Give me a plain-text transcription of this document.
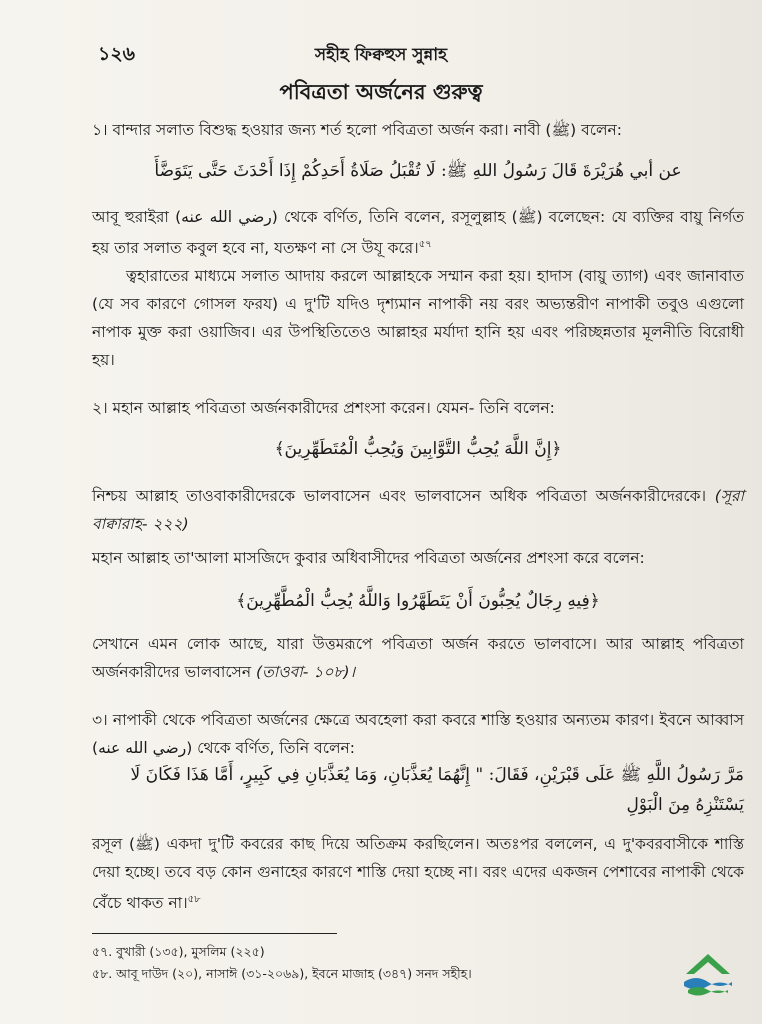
১২৬	সহীহ ফিক্বহুস সুন্নাহ
পবিত্রতা অর্জনের গুরুত্ব

১। বান্দার সলাত বিশুদ্ধ হওয়ার জন্য শর্ত হলো পবিত্রতা অর্জন করা। নাবী (ﷺ) বলেন:

عن أبي هُرَيْرَةَ قَالَ رَسُولُ اللهِ ﷺ: لَا تُقْبَلُ صَلَاةُ أَحَدِكُمْ إِذَا أَحْدَثَ حَتَّى يَتَوَضَّأَ

আবূ হুরাইরা (رضي الله عنه) থেকে বর্ণিত, তিনি বলেন, রসূলুল্লাহ (ﷺ) বলেছেন: যে ব্যক্তির বায়ু নির্গত হয় তার সলাত কবুল হবে না, যতক্ষণ না সে উযূ করে।$^{৫৭}$

ত্বহারাতের মাধ্যমে সলাত আদায় করলে আল্লাহকে সম্মান করা হয়। হাদাস (বায়ু ত্যাগ) এবং জানাবাত (যে সব কারণে গোসল ফরয) এ দু'টি যদিও দৃশ্যমান নাপাকী নয় বরং অভ্যন্তরীণ নাপাকী তবুও এগুলো নাপাক মুক্ত করা ওয়াজিব। এর উপস্থিতিতেও আল্লাহর মর্যাদা হানি হয় এবং পরিচ্ছন্নতার মূলনীতি বিরোধী হয়।

২। মহান আল্লাহ পবিত্রতা অর্জনকারীদের প্রশংসা করেন। যেমন- তিনি বলেন:

﴿إِنَّ اللَّهَ يُحِبُّ التَّوَّابِينَ وَيُحِبُّ الْمُتَطَهِّرِينَ﴾

নিশ্চয় আল্লাহ তাওবাকারীদেরকে ভালবাসেন এবং ভালবাসেন অধিক পবিত্রতা অর্জনকারীদেরকে। (সূরা বাক্বারাহ- ২২২)

মহান আল্লাহ তা'আলা মাসজিদে কুবার অধিবাসীদের পবিত্রতা অর্জনের প্রশংসা করে বলেন:

﴿فِيهِ رِجَالٌ يُحِبُّونَ أَنْ يَتَطَهَّرُوا وَاللَّهُ يُحِبُّ الْمُطَّهِّرِينَ﴾

সেখানে এমন লোক আছে, যারা উত্তমরূপে পবিত্রতা অর্জন করতে ভালবাসে। আর আল্লাহ পবিত্রতা অর্জনকারীদের ভালবাসেন (তাওবা- ১০৮)।

৩। নাপাকী থেকে পবিত্রতা অর্জনের ক্ষেত্রে অবহেলা করা কবরে শাস্তি হওয়ার অন্যতম কারণ। ইবনে আব্বাস (رضي الله عنه) থেকে বর্ণিত, তিনি বলেন:

مَرَّ رَسُولُ اللَّهِ ﷺ عَلَى قَبْرَيْنِ، فَقَالَ: " إِنَّهُمَا يُعَذَّبَانِ، وَمَا يُعَذَّبَانِ فِي كَبِيرٍ، أَمَّا هَذَا فَكَانَ لَا يَسْتَنْزِهُ مِنَ الْبَوْلِ

রসূল (ﷺ) একদা দু'টি কবরের কাছ দিয়ে অতিক্রম করছিলেন। অতঃপর বললেন, এ দু'কবরবাসীকে শাস্তি দেয়া হচ্ছে। তবে বড় কোন গুনাহের কারণে শাস্তি দেয়া হচ্ছে না। বরং এদের একজন পেশাবের নাপাকী থেকে বেঁচে থাকত না।$^{৫৮}$

৫৭. বুখারী (১৩৫), মুসলিম (২২৫)
৫৮. আবূ দাউদ (২০), নাসাঈ (৩১-২০৬৯), ইবনে মাজাহ (৩৪৭) সনদ সহীহ।
